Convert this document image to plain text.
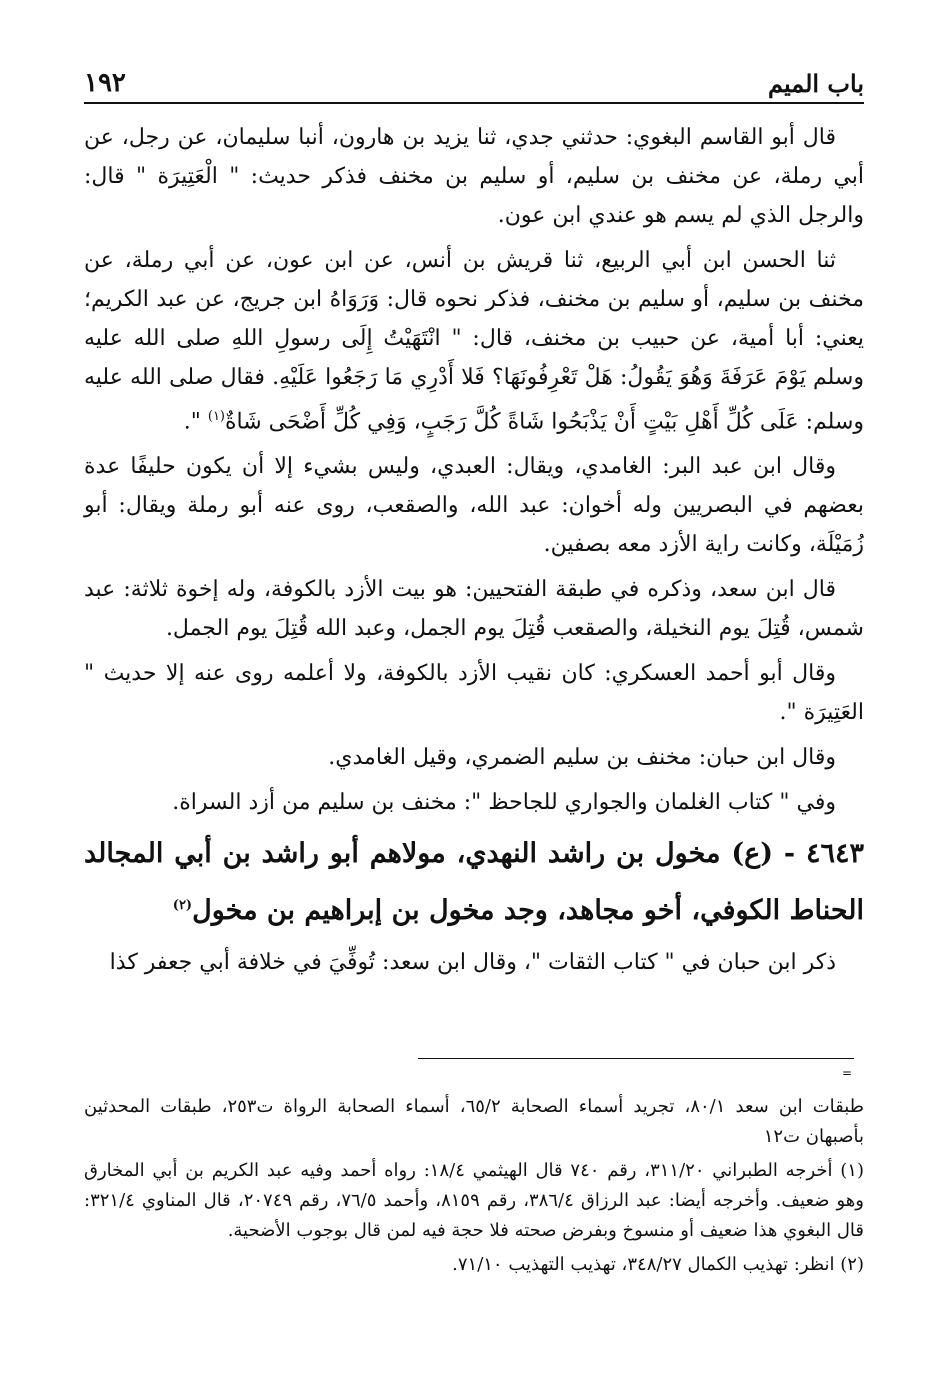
باب الميم
١٩٢

قال أبو القاسم البغوي: حدثني جدي، ثنا يزيد بن هارون، أنبا سليمان، عن رجل، عن أبي رملة، عن مخنف بن سليم، أو سليم بن مخنف فذكر حديث: " الْعَتِيرَة " قال: والرجل الذي لم يسم هو عندي ابن عون.

ثنا الحسن ابن أبي الربيع، ثنا قريش بن أنس، عن ابن عون، عن أبي رملة، عن مخنف بن سليم، أو سليم بن مخنف، فذكر نحوه قال: وَرَوَاهُ ابن جريج، عن عبد الكريم؛ يعني: أبا أمية، عن حبيب بن مخنف، قال: " انْتَهَيْتُ إِلَى رسولِ اللهِ صلى الله عليه وسلم يَوْمَ عَرَفَةَ وَهُوَ يَقُولُ: هَلْ تَعْرِفُونَهَا؟ فَلا أَدْرِي مَا رَجَعُوا عَلَيْهِ. فقال صلى الله عليه وسلم: عَلَى كُلِّ أَهْلِ بَيْتٍ أَنْ يَذْبَحُوا شَاةً كُلَّ رَجَبٍ، وَفِي كُلِّ أَضْحَى شَاةٌ$^{(١)}$ ".

وقال ابن عبد البر: الغامدي، ويقال: العبدي، وليس بشيء إلا أن يكون حليفًا عدة بعضهم في البصريين وله أخوان: عبد الله، والصقعب، روى عنه أبو رملة ويقال: أبو زُمَيْلَة، وكانت راية الأزد معه بصفين.

قال ابن سعد، وذكره في طبقة الفتحيين: هو بيت الأزد بالكوفة، وله إخوة ثلاثة: عبد شمس، قُتِلَ يوم النخيلة، والصقعب قُتِلَ يوم الجمل، وعبد الله قُتِلَ يوم الجمل.

وقال أبو أحمد العسكري: كان نقيب الأزد بالكوفة، ولا أعلمه روى عنه إلا حديث " العَتِيرَة ".

وقال ابن حبان: مخنف بن سليم الضمري، وقيل الغامدي.

وفي " كتاب الغلمان والجواري للجاحظ ": مخنف بن سليم من أزد السراة.

٤٦٤٣ - (ع) مخول بن راشد النهدي، مولاهم أبو راشد بن أبي المجالد الحناط الكوفي، أخو مجاهد، وجد مخول بن إبراهيم بن مخول$^{(٢)}$

ذكر ابن حبان في " كتاب الثقات "، وقال ابن سعد: تُوفِّيَ في خلافة أبي جعفر كذا

=

طبقات ابن سعد ٨٠/١، تجريد أسماء الصحابة ٦٥/٢، أسماء الصحابة الرواة ت٢٥٣، طبقات المحدثين بأصبهان ت١٢

(١) أخرجه الطبراني ٣١١/٢٠، رقم ٧٤٠ قال الهيثمي ١٨/٤: رواه أحمد وفيه عبد الكريم بن أبي المخارق وهو ضعيف. وأخرجه أيضا: عبد الرزاق ٣٨٦/٤، رقم ٨١٥٩، وأحمد ٧٦/٥، رقم ٢٠٧٤٩، قال المناوي ٣٢١/٤: قال البغوي هذا ضعيف أو منسوخ وبفرض صحته فلا حجة فيه لمن قال بوجوب الأضحية.

(٢) انظر: تهذيب الكمال ٣٤٨/٢٧، تهذيب التهذيب ٧١/١٠.
